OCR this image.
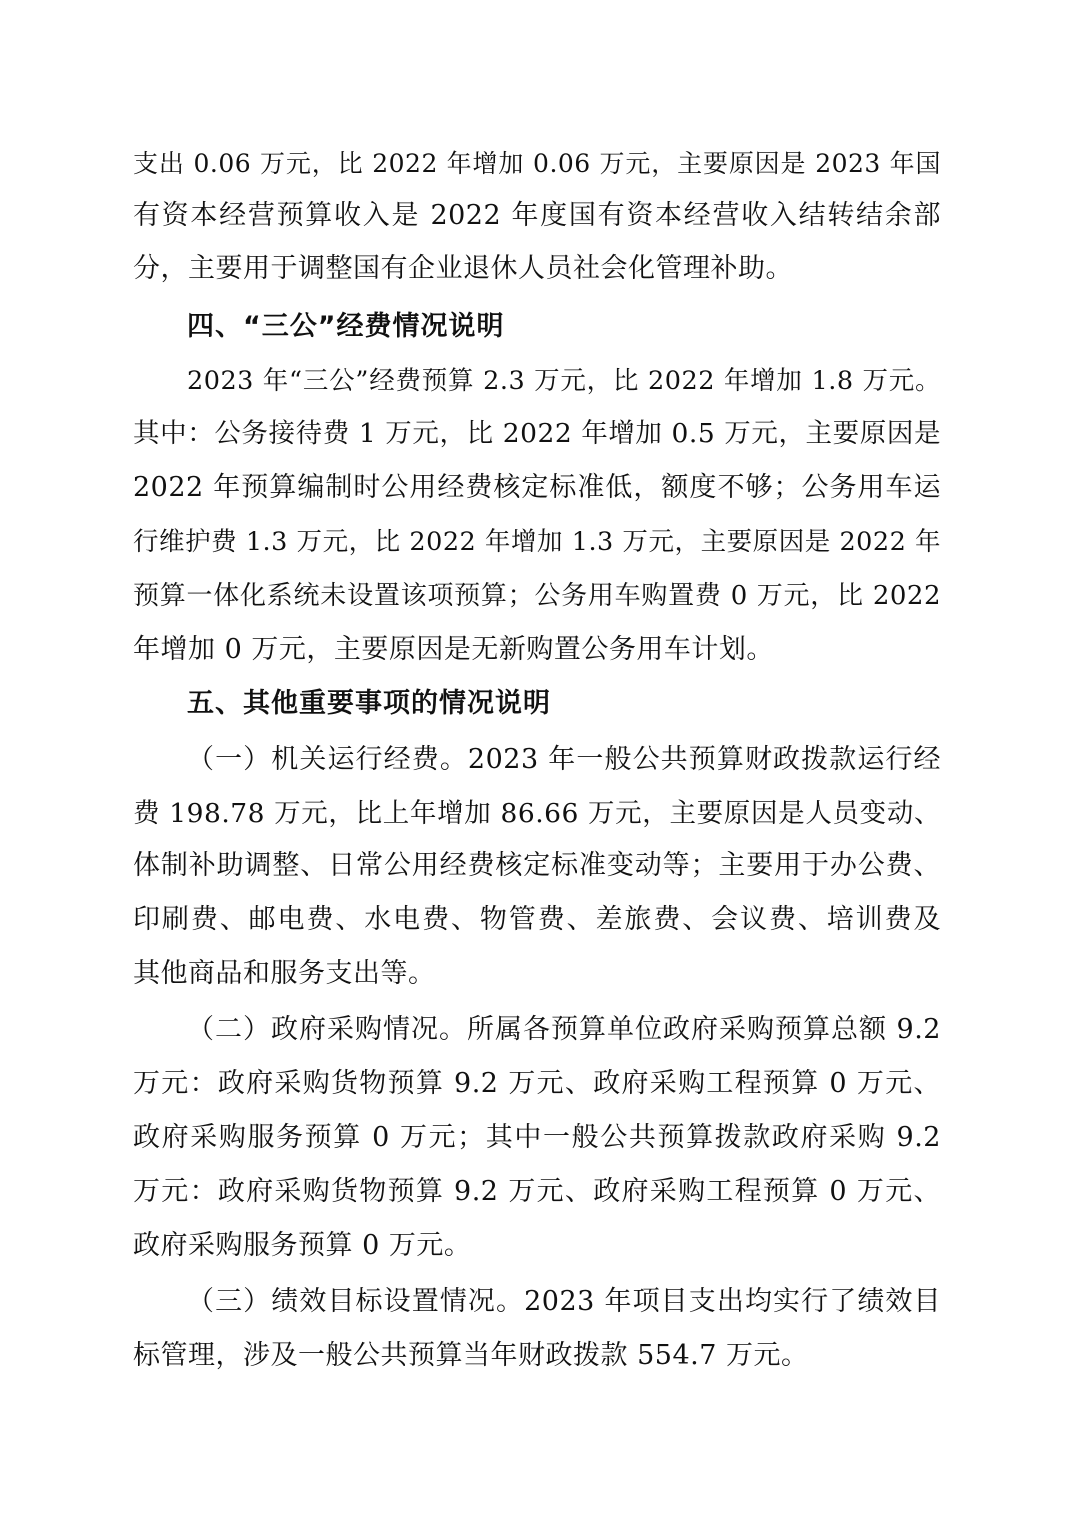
支出 0.06 万元，比 2022 年增加 0.06 万元，主要原因是 2023 年国
有资本经营预算收入是 2022 年度国有资本经营收入结转结余部
分，主要用于调整国有企业退休人员社会化管理补助。
四、“三公”经费情况说明
2023 年“三公”经费预算 2.3 万元，比 2022 年增加 1.8 万元。
其中：公务接待费 1 万元，比 2022 年增加 0.5 万元，主要原因是
2022 年预算编制时公用经费核定标准低，额度不够；公务用车运
行维护费 1.3 万元，比 2022 年增加 1.3 万元，主要原因是 2022 年
预算一体化系统未设置该项预算；公务用车购置费 0 万元，比 2022
年增加 0 万元，主要原因是无新购置公务用车计划。
五、其他重要事项的情况说明
（一）机关运行经费。2023 年一般公共预算财政拨款运行经
费 198.78 万元，比上年增加 86.66 万元，主要原因是人员变动、
体制补助调整、日常公用经费核定标准变动等；主要用于办公费、
印刷费、邮电费、水电费、物管费、差旅费、会议费、培训费及
其他商品和服务支出等。
（二）政府采购情况。所属各预算单位政府采购预算总额 9.2
万元：政府采购货物预算 9.2 万元、政府采购工程预算 0 万元、
政府采购服务预算 0 万元；其中一般公共预算拨款政府采购 9.2
万元：政府采购货物预算 9.2 万元、政府采购工程预算 0 万元、
政府采购服务预算 0 万元。
（三）绩效目标设置情况。2023 年项目支出均实行了绩效目
标管理，涉及一般公共预算当年财政拨款 554.7 万元。
